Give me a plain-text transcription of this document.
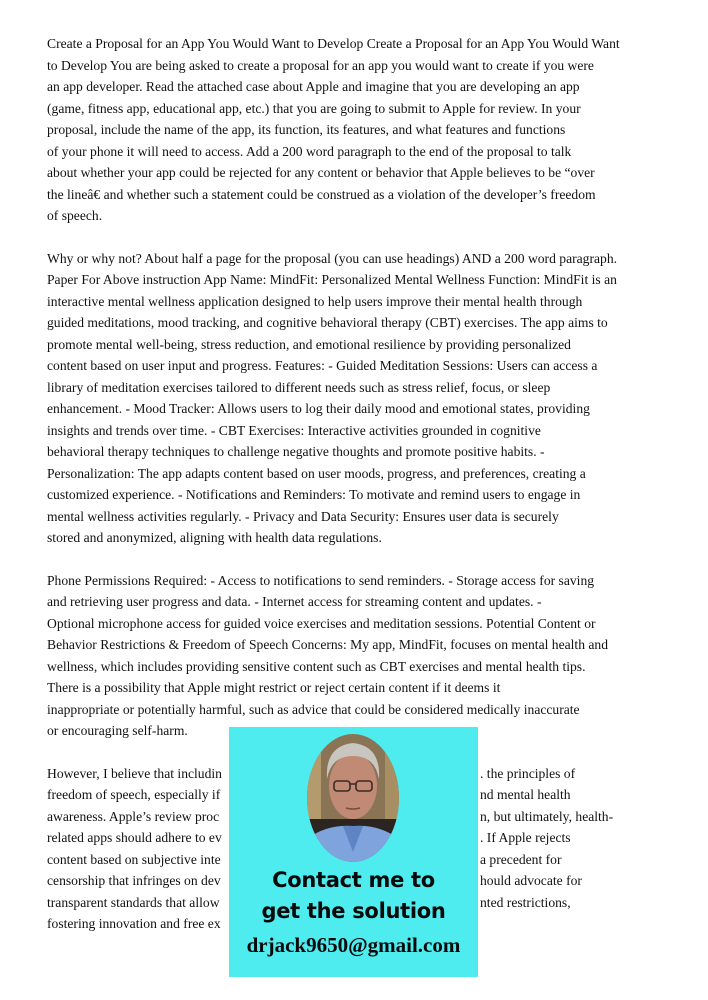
Create a Proposal for an App You Would Want to Develop Create a Proposal for an App You Would Want
to Develop You are being asked to create a proposal for an app you would want to create if you were
an app developer. Read the attached case about Apple and imagine that you are developing an app
(game, fitness app, educational app, etc.) that you are going to submit to Apple for review. In your
proposal, include the name of the app, its function, its features, and what features and functions
of your phone it will need to access. Add a 200 word paragraph to the end of the proposal to talk
about whether your app could be rejected for any content or behavior that Apple believes to be “over
the lineâ€ and whether such a statement could be construed as a violation of the developer’s freedom
of speech.
Why or why not? About half a page for the proposal (you can use headings) AND a 200 word paragraph.
Paper For Above instruction App Name: MindFit: Personalized Mental Wellness Function: MindFit is an
interactive mental wellness application designed to help users improve their mental health through
guided meditations, mood tracking, and cognitive behavioral therapy (CBT) exercises. The app aims to
promote mental well-being, stress reduction, and emotional resilience by providing personalized
content based on user input and progress. Features: - Guided Meditation Sessions: Users can access a
library of meditation exercises tailored to different needs such as stress relief, focus, or sleep
enhancement. - Mood Tracker: Allows users to log their daily mood and emotional states, providing
insights and trends over time. - CBT Exercises: Interactive activities grounded in cognitive
behavioral therapy techniques to challenge negative thoughts and promote positive habits. -
Personalization: The app adapts content based on user moods, progress, and preferences, creating a
customized experience. - Notifications and Reminders: To motivate and remind users to engage in
mental wellness activities regularly. - Privacy and Data Security: Ensures user data is securely
stored and anonymized, aligning with health data regulations.
Phone Permissions Required: - Access to notifications to send reminders. - Storage access for saving
and retrieving user progress and data. - Internet access for streaming content and updates. -
Optional microphone access for guided voice exercises and meditation sessions. Potential Content or
Behavior Restrictions & Freedom of Speech Concerns: My app, MindFit, focuses on mental health and
wellness, which includes providing sensitive content such as CBT exercises and mental health tips.
There is a possibility that Apple might restrict or reject certain content if it deems it
inappropriate or potentially harmful, such as advice that could be considered medically inaccurate
or encouraging self-harm.
However, I believe that includin	. the principles of
freedom of speech, especially if	nd mental health
awareness. Apple’s review proc	n, but ultimately, health-
related apps should adhere to ev	. If Apple rejects
content based on subjective inte	a precedent for
censorship that infringes on dev	hould advocate for
transparent standards that allow	nted restrictions,
fostering innovation and free ex
Contact me to
get the solution
drjack9650@gmail.com
